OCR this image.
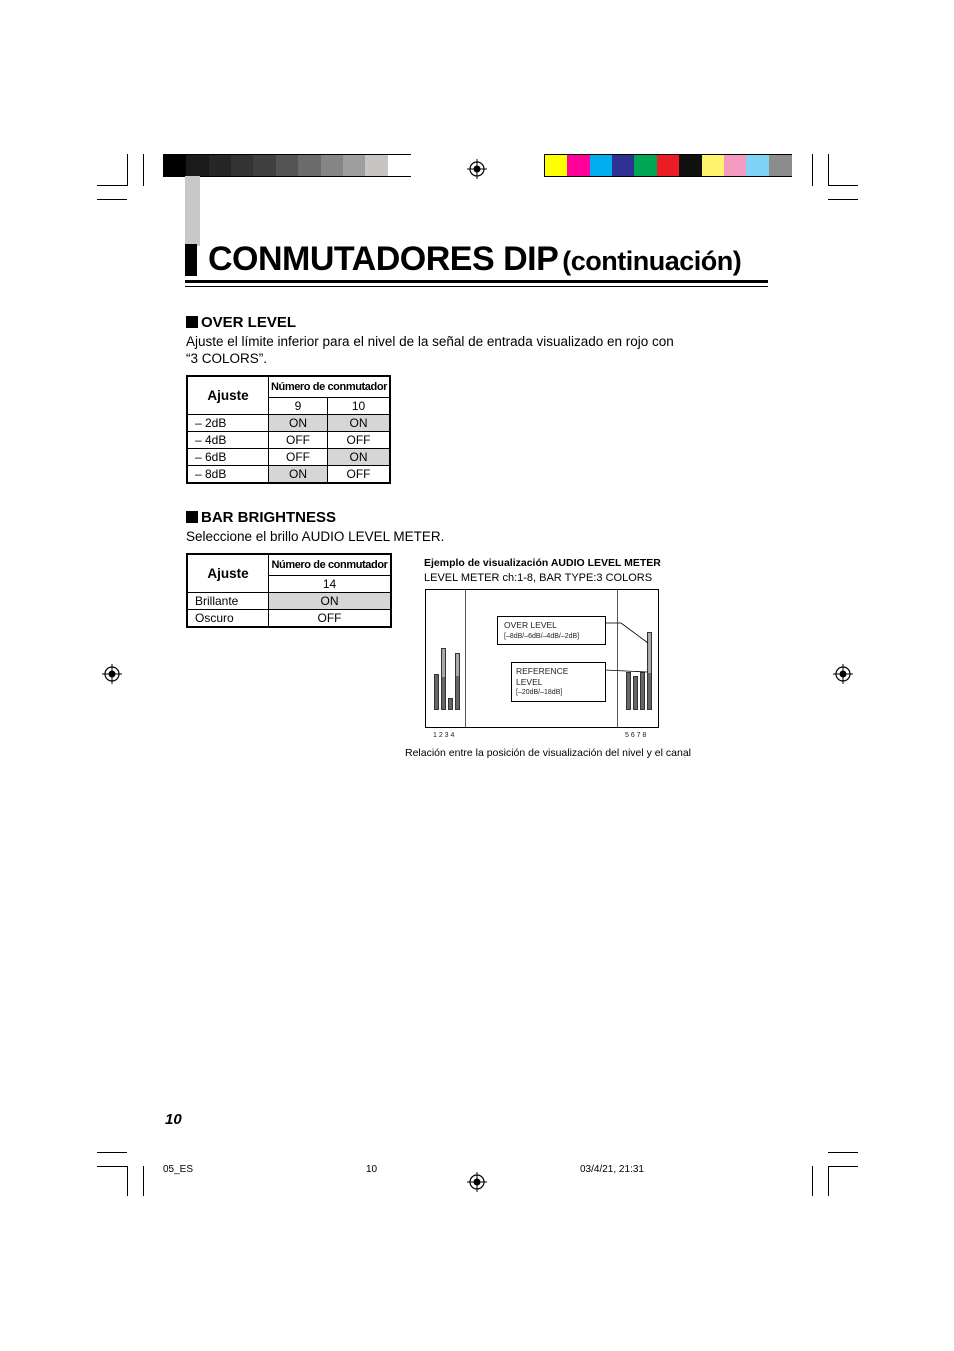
CONMUTADORES DIP (continuación)
OVER LEVEL
Ajuste el límite inferior para el nivel de la señal de entrada visualizado en rojo con
“3 COLORS”.
Ajuste	Número de conmutador	
	9	10
– 2dB	ON	ON
– 4dB	OFF	OFF
– 6dB	OFF	ON
– 8dB	ON	OFF
BAR BRIGHTNESS
Seleccione el brillo AUDIO LEVEL METER.
Ajuste	Número de conmutador
	14
Brillante	ON
Oscuro	OFF
Ejemplo de visualización AUDIO LEVEL METER
LEVEL METER ch:1-8, BAR TYPE:3 COLORS
OVER LEVEL
[–8dB/–6dB/–4dB/–2dB]
REFERENCE
LEVEL
[–20dB/–18dB]
1 2 3 4	5 6 7 8
Relación entre la posición de visualización del nivel y el canal
10
05_ES	10	03/4/21, 21:31
